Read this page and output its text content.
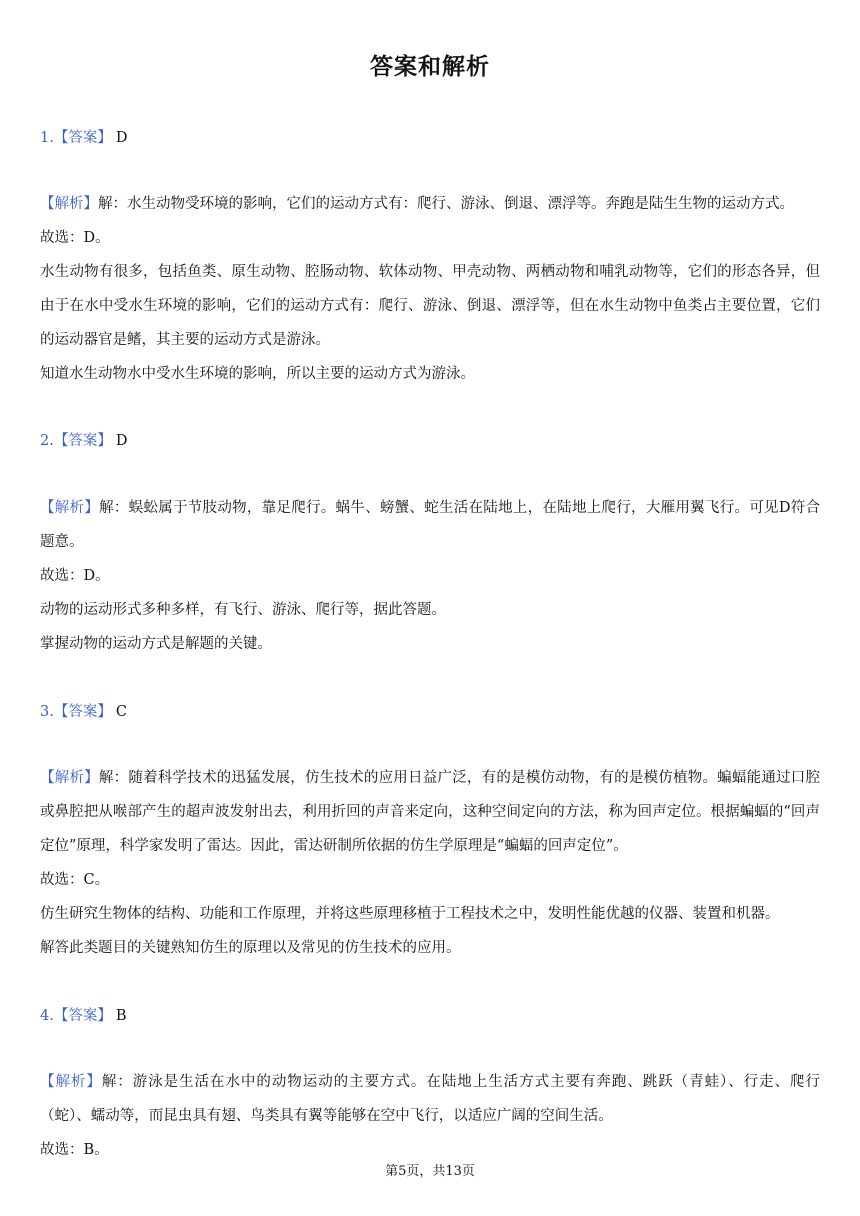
答案和解析
1.【答案】 D

【解析】解：水生动物受环境的影响，它们的运动方式有：爬行、游泳、倒退、漂浮等。奔跑是陆生生物的运动方式。

故选：D。

水生动物有很多，包括鱼类、原生动物、腔肠动物、软体动物、甲壳动物、两栖动物和哺乳动物等，它们的形态各异，但由于在水中受水生环境的影响，它们的运动方式有：爬行、游泳、倒退、漂浮等，但在水生动物中鱼类占主要位置，它们的运动器官是鳍，其主要的运动方式是游泳。

知道水生动物水中受水生环境的影响，所以主要的运动方式为游泳。

2.【答案】 D

【解析】解：蜈蚣属于节肢动物，靠足爬行。蜗牛、螃蟹、蛇生活在陆地上，在陆地上爬行，大雁用翼飞行。可见D符合题意。

故选：D。

动物的运动形式多种多样，有飞行、游泳、爬行等，据此答题。

掌握动物的运动方式是解题的关键。

3.【答案】 C

【解析】解：随着科学技术的迅猛发展，仿生技术的应用日益广泛，有的是模仿动物，有的是模仿植物。蝙蝠能通过口腔或鼻腔把从喉部产生的超声波发射出去，利用折回的声音来定向，这种空间定向的方法，称为回声定位。根据蝙蝠的“回声定位”原理，科学家发明了雷达。因此，雷达研制所依据的仿生学原理是“蝙蝠的回声定位”。

故选：C。

仿生研究生物体的结构、功能和工作原理，并将这些原理移植于工程技术之中，发明性能优越的仪器、装置和机器。

解答此类题目的关键熟知仿生的原理以及常见的仿生技术的应用。

4.【答案】 B

【解析】解：游泳是生活在水中的动物运动的主要方式。在陆地上生活方式主要有奔跑、跳跃（青蛙）、行走、爬行（蛇）、蠕动等，而昆虫具有翅、鸟类具有翼等能够在空中飞行，以适应广阔的空间生活。

故选：B。

第5页，共13页
